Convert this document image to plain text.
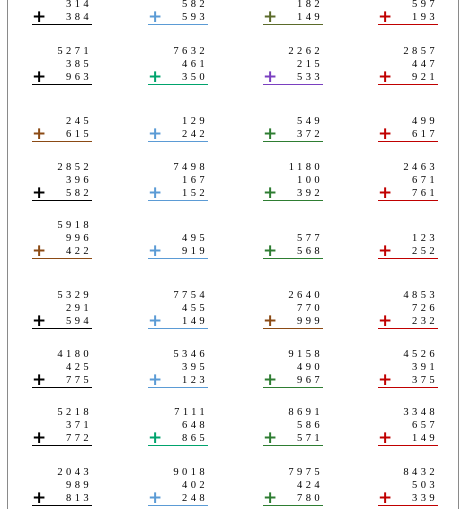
314
384
+
582
593
+
182
149
+
597
193
+
5271
385
963
+
7632
461
350
+
2262
215
533
+
2857
447
921
+
245
615
+
129
242
+
549
372
+
499
617
+
2852
396
582
+
7498
167
152
+
1180
100
392
+
2463
671
761
+
5918
996
422
+
495
919
+
577
568
+
123
252
+
5329
291
594
+
7754
455
149
+
2640
770
999
+
4853
726
232
+
4180
425
775
+
5346
395
123
+
9158
490
967
+
4526
391
375
+
5218
371
772
+
7111
648
865
+
8691
586
571
+
3348
657
149
+
2043
989
813
+
9018
402
248
+
7975
424
780
+
8432
503
339
+
